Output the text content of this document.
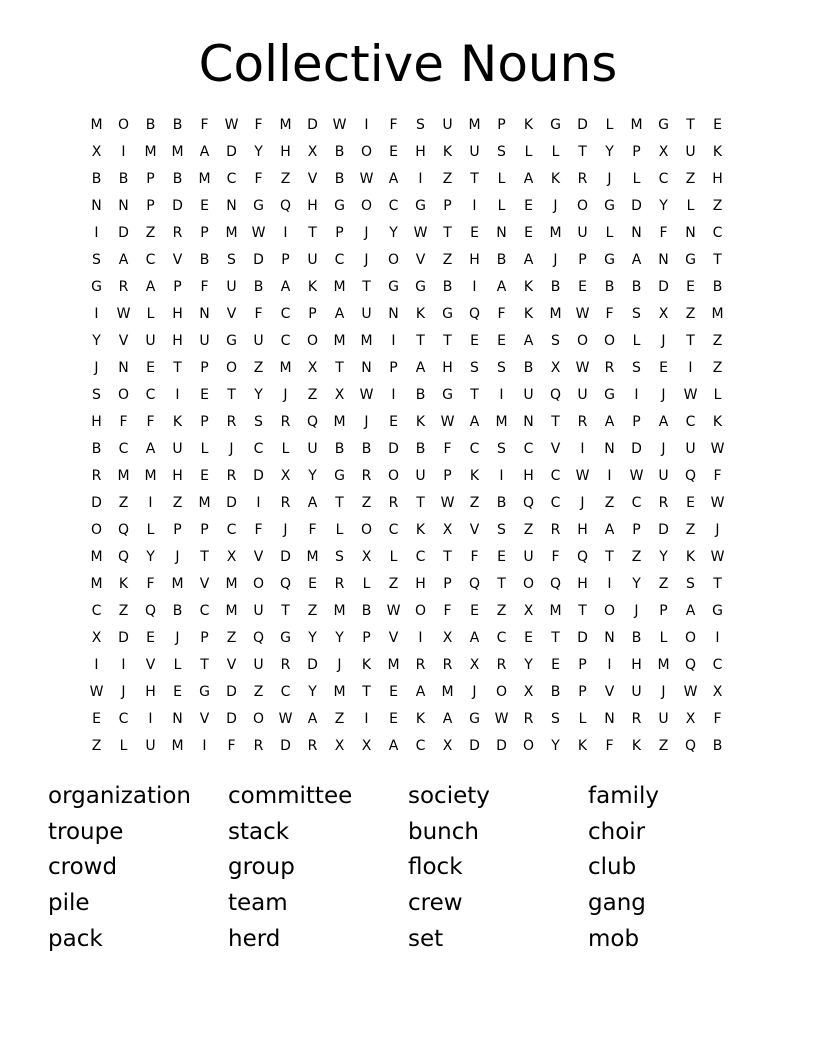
Collective Nouns
M	O	B	B	F	W	F	M	D	W	I	F	S	U	M	P	K	G	D	L	M	G	T	E
X	I	M	M	A	D	Y	H	X	B	O	E	H	K	U	S	L	L	T	Y	P	X	U	K
B	B	P	B	M	C	F	Z	V	B	W	A	I	Z	T	L	A	K	R	J	L	C	Z	H
N	N	P	D	E	N	G	Q	H	G	O	C	G	P	I	L	E	J	O	G	D	Y	L	Z
I	D	Z	R	P	M	W	I	T	P	J	Y	W	T	E	N	E	M	U	L	N	F	N	C
S	A	C	V	B	S	D	P	U	C	J	O	V	Z	H	B	A	J	P	G	A	N	G	T
G	R	A	P	F	U	B	A	K	M	T	G	G	B	I	A	K	B	E	B	B	D	E	B
I	W	L	H	N	V	F	C	P	A	U	N	K	G	Q	F	K	M	W	F	S	X	Z	M
Y	V	U	H	U	G	U	C	O	M	M	I	T	T	E	E	A	S	O	O	L	J	T	Z
J	N	E	T	P	O	Z	M	X	T	N	P	A	H	S	S	B	X	W	R	S	E	I	Z
S	O	C	I	E	T	Y	J	Z	X	W	I	B	G	T	I	U	Q	U	G	I	J	W	L
H	F	F	K	P	R	S	R	Q	M	J	E	K	W	A	M	N	T	R	A	P	A	C	K
B	C	A	U	L	J	C	L	U	B	B	D	B	F	C	S	C	V	I	N	D	J	U	W
R	M	M	H	E	R	D	X	Y	G	R	O	U	P	K	I	H	C	W	I	W	U	Q	F
D	Z	I	Z	M	D	I	R	A	T	Z	R	T	W	Z	B	Q	C	J	Z	C	R	E	W
O	Q	L	P	P	C	F	J	F	L	O	C	K	X	V	S	Z	R	H	A	P	D	Z	J
M	Q	Y	J	T	X	V	D	M	S	X	L	C	T	F	E	U	F	Q	T	Z	Y	K	W
M	K	F	M	V	M	O	Q	E	R	L	Z	H	P	Q	T	O	Q	H	I	Y	Z	S	T
C	Z	Q	B	C	M	U	T	Z	M	B	W	O	F	E	Z	X	M	T	O	J	P	A	G
X	D	E	J	P	Z	Q	G	Y	Y	P	V	I	X	A	C	E	T	D	N	B	L	O	I
I	I	V	L	T	V	U	R	D	J	K	M	R	R	X	R	Y	E	P	I	H	M	Q	C
W	J	H	E	G	D	Z	C	Y	M	T	E	A	M	J	O	X	B	P	V	U	J	W	X
E	C	I	N	V	D	O	W	A	Z	I	E	K	A	G	W	R	S	L	N	R	U	X	F
Z	L	U	M	I	F	R	D	R	X	X	A	C	X	D	D	O	Y	K	F	K	Z	Q	B
organization	committee	society	family
troupe	stack	bunch	choir
crowd	group	flock	club
pile	team	crew	gang
pack	herd	set	mob
